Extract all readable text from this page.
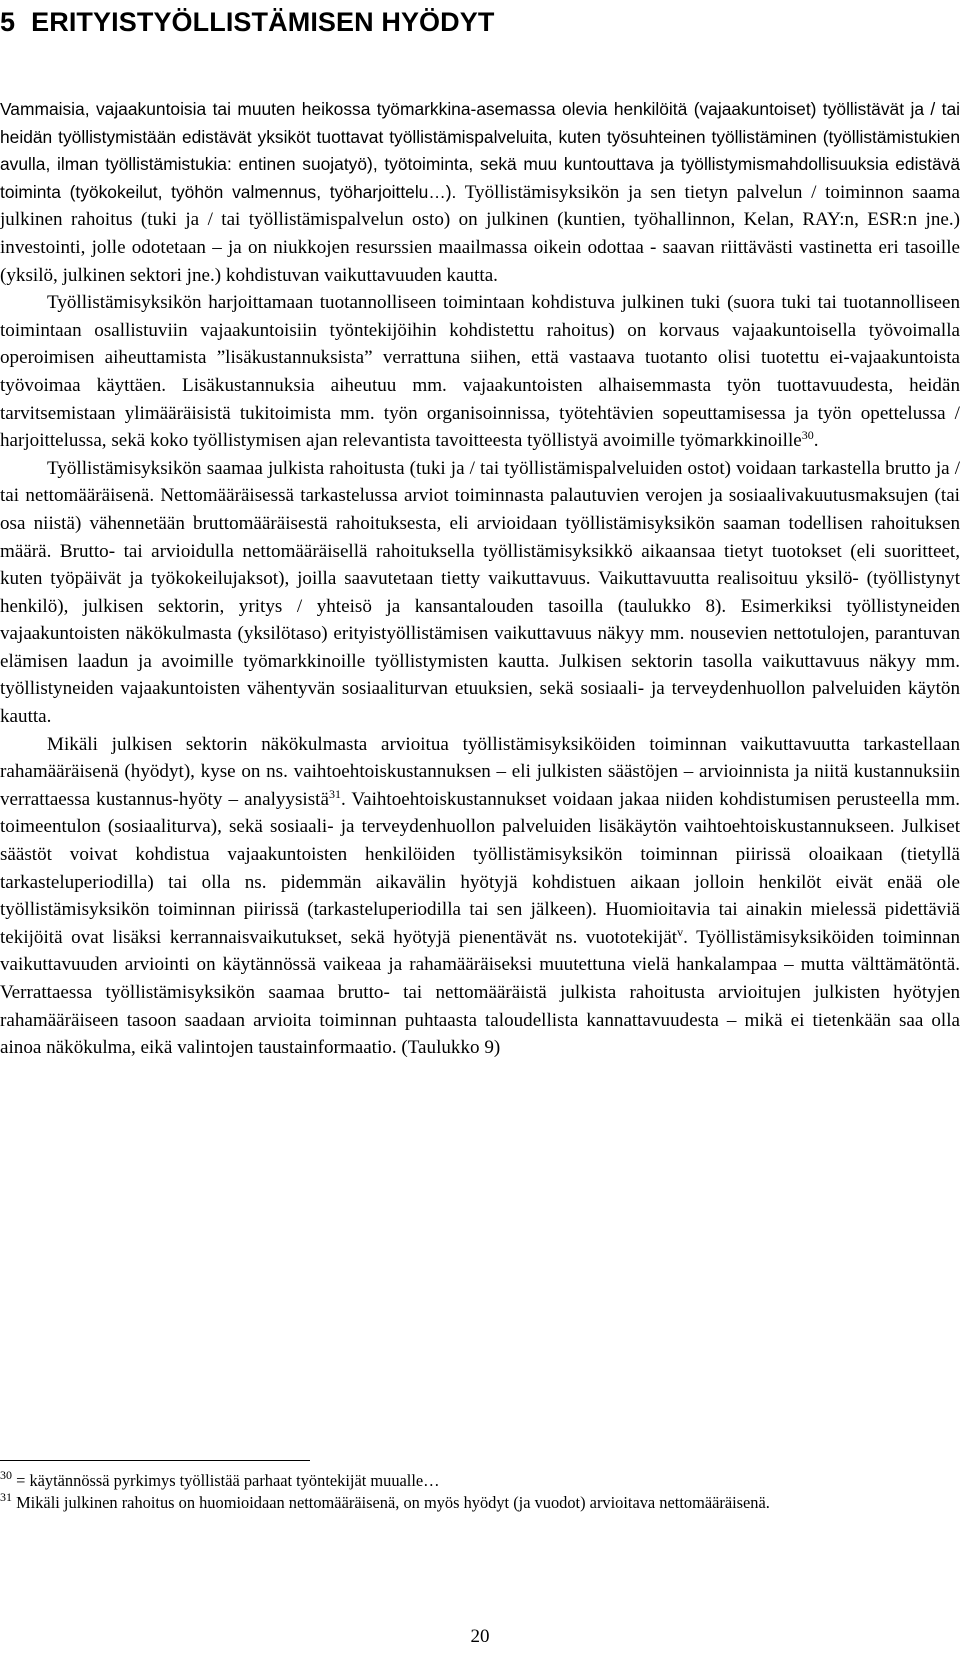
5 ERITYISTYÖLLISTÄMISEN HYÖDYT

Vammaisia, vajaakuntoisia tai muuten heikossa työmarkkina-asemassa olevia henkilöitä (vajaakuntoiset) työllistävät ja / tai heidän työllistymistään edistävät yksiköt tuottavat työllistämispalveluita, kuten työsuhteinen työllistäminen (työllistämistukien avulla, ilman työllistämistukia: entinen suojatyö), työtoiminta, sekä muu kuntouttava ja työllistymismahdollisuuksia edistävä toiminta (työkokeilut, työhön valmennus, työharjoittelu…). Työllistämisyksikön ja sen tietyn palvelun / toiminnon saama julkinen rahoitus (tuki ja / tai työllistämispalvelun osto) on julkinen (kuntien, työhallinnon, Kelan, RAY:n, ESR:n jne.) investointi, jolle odotetaan – ja on niukkojen resurssien maailmassa oikein odottaa - saavan riittävästi vastinetta eri tasoille (yksilö, julkinen sektori jne.) kohdistuvan vaikuttavuuden kautta.

Työllistämisyksikön harjoittamaan tuotannolliseen toimintaan kohdistuva julkinen tuki (suora tuki tai tuotannolliseen toimintaan osallistuviin vajaakuntoisiin työntekijöihin kohdistettu rahoitus) on korvaus vajaakuntoisella työvoimalla operoimisen aiheuttamista ”lisäkustannuksista” verrattuna siihen, että vastaava tuotanto olisi tuotettu ei-vajaakuntoista työvoimaa käyttäen. Lisäkustannuksia aiheutuu mm. vajaakuntoisten alhaisemmasta työn tuottavuudesta, heidän tarvitsemistaan ylimääräisistä tukitoimista mm. työn organisoinnissa, työtehtävien sopeuttamisessa ja työn opettelussa / harjoittelussa, sekä koko työllistymisen ajan relevantista tavoitteesta työllistyä avoimille työmarkkinoille$^{30}$.

Työllistämisyksikön saamaa julkista rahoitusta (tuki ja / tai työllistämispalveluiden ostot) voidaan tarkastella brutto ja / tai nettomääräisenä. Nettomääräisessä tarkastelussa arviot toiminnasta palautuvien verojen ja sosiaalivakuutusmaksujen (tai osa niistä) vähennetään bruttomääräisestä rahoituksesta, eli arvioidaan työllistämisyksikön saaman todellisen rahoituksen määrä. Brutto- tai arvioidulla nettomääräisellä rahoituksella työllistämisyksikkö aikaansaa tietyt tuotokset (eli suoritteet, kuten työpäivät ja työkokeilujaksot), joilla saavutetaan tietty vaikuttavuus. Vaikuttavuutta realisoituu yksilö- (työllistynyt henkilö), julkisen sektorin, yritys / yhteisö ja kansantalouden tasoilla (taulukko 8). Esimerkiksi työllistyneiden vajaakuntoisten näkökulmasta (yksilötaso) erityistyöllistämisen vaikuttavuus näkyy mm. nousevien nettotulojen, parantuvan elämisen laadun ja avoimille työmarkkinoille työllistymisten kautta. Julkisen sektorin tasolla vaikuttavuus näkyy mm. työllistyneiden vajaakuntoisten vähentyvän sosiaaliturvan etuuksien, sekä sosiaali- ja terveydenhuollon palveluiden käytön kautta.

Mikäli julkisen sektorin näkökulmasta arvioitua työllistämisyksiköiden toiminnan vaikuttavuutta tarkastellaan rahamääräisenä (hyödyt), kyse on ns. vaihtoehtoiskustannuksen – eli julkisten säästöjen – arvioinnista ja niitä kustannuksiin verrattaessa kustannus-hyöty – analyysistä$^{31}$. Vaihtoehtoiskustannukset voidaan jakaa niiden kohdistumisen perusteella mm. toimeentulon (sosiaaliturva), sekä sosiaali- ja terveydenhuollon palveluiden lisäkäytön vaihtoehtoiskustannukseen. Julkiset säästöt voivat kohdistua vajaakuntoisten henkilöiden työllistämisyksikön toiminnan piirissä oloaikaan (tietyllä tarkasteluperiodilla) tai olla ns. pidemmän aikavälin hyötyjä kohdistuen aikaan jolloin henkilöt eivät enää ole työllistämisyksikön toiminnan piirissä (tarkasteluperiodilla tai sen jälkeen). Huomioitavia tai ainakin mielessä pidettäviä tekijöitä ovat lisäksi kerrannaisvaikutukset, sekä hyötyjä pienentävät ns. vuototekijät$^v$. Työllistämisyksiköiden toiminnan vaikuttavuuden arviointi on käytännössä vaikeaa ja rahamääräiseksi muutettuna vielä hankalampaa – mutta välttämätöntä. Verrattaessa työllistämisyksikön saamaa brutto- tai nettomääräistä julkista rahoitusta arvioitujen julkisten hyötyjen rahamääräiseen tasoon saadaan arvioita toiminnan puhtaasta taloudellista kannattavuudesta – mikä ei tietenkään saa olla ainoa näkökulma, eikä valintojen taustainformaatio. (Taulukko 9)

$^{30}$ = käytännössä pyrkimys työllistää parhaat työntekijät muualle…

$^{31}$ Mikäli julkinen rahoitus on huomioidaan nettomääräisenä, on myös hyödyt (ja vuodot) arvioitava nettomääräisenä.

20
